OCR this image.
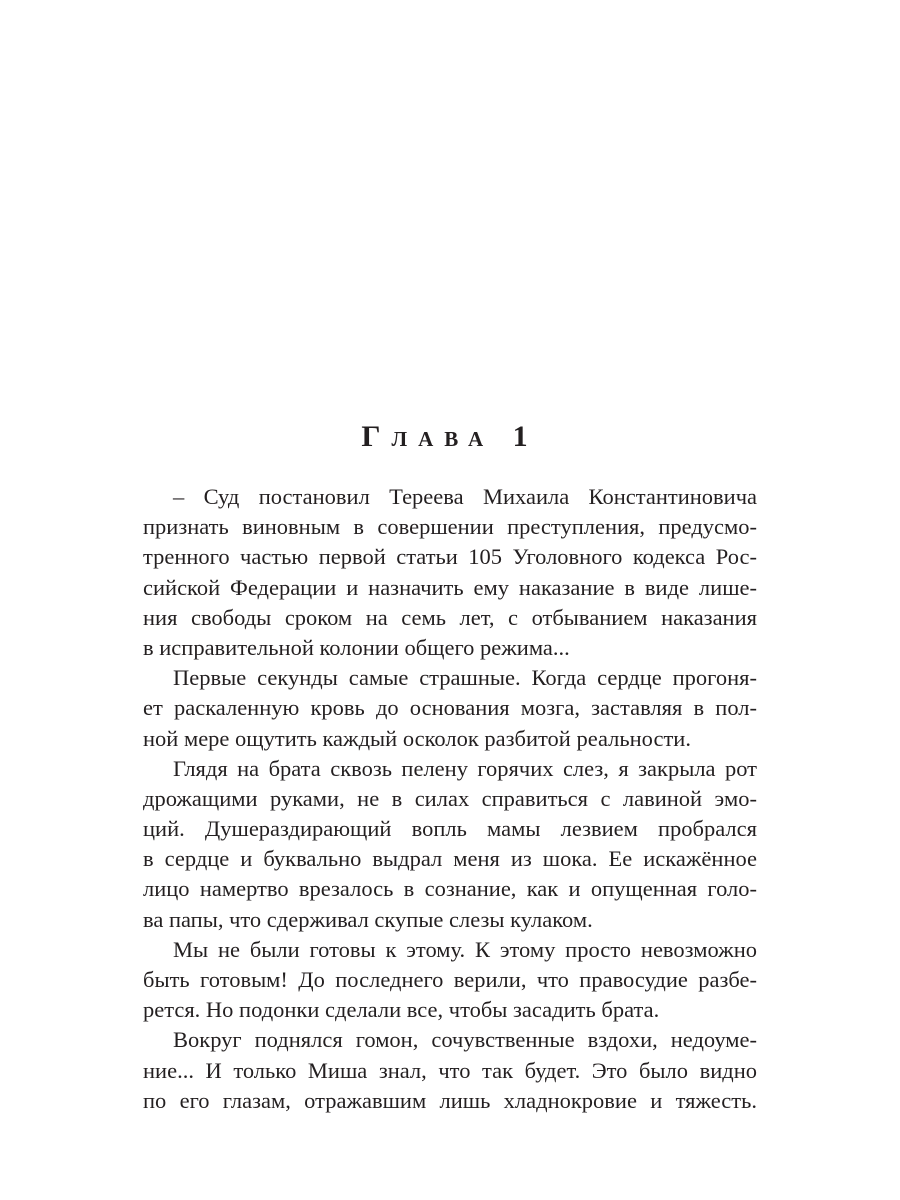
Глава 1
– Суд постановил Тереева Михаила Константиновича
признать виновным в совершении преступления, предусмо-
тренного частью первой статьи 105 Уголовного кодекса Рос-
сийской Федерации и назначить ему наказание в виде лише-
ния свободы сроком на семь лет, с отбыванием наказания
в исправительной колонии общего режима...
Первые секунды самые страшные. Когда сердце прогоня-
ет раскаленную кровь до основания мозга, заставляя в пол-
ной мере ощутить каждый осколок разбитой реальности.
Глядя на брата сквозь пелену горячих слез, я закрыла рот
дрожащими руками, не в силах справиться с лавиной эмо-
ций. Душераздирающий вопль мамы лезвием пробрался
в сердце и буквально выдрал меня из шока. Ее искажённое
лицо намертво врезалось в сознание, как и опущенная голо-
ва папы, что сдерживал скупые слезы кулаком.
Мы не были готовы к этому. К этому просто невозможно
быть готовым! До последнего верили, что правосудие разбе-
рется. Но подонки сделали все, чтобы засадить брата.
Вокруг поднялся гомон, сочувственные вздохи, недоуме-
ние... И только Миша знал, что так будет. Это было видно
по его глазам, отражавшим лишь хладнокровие и тяжесть.
